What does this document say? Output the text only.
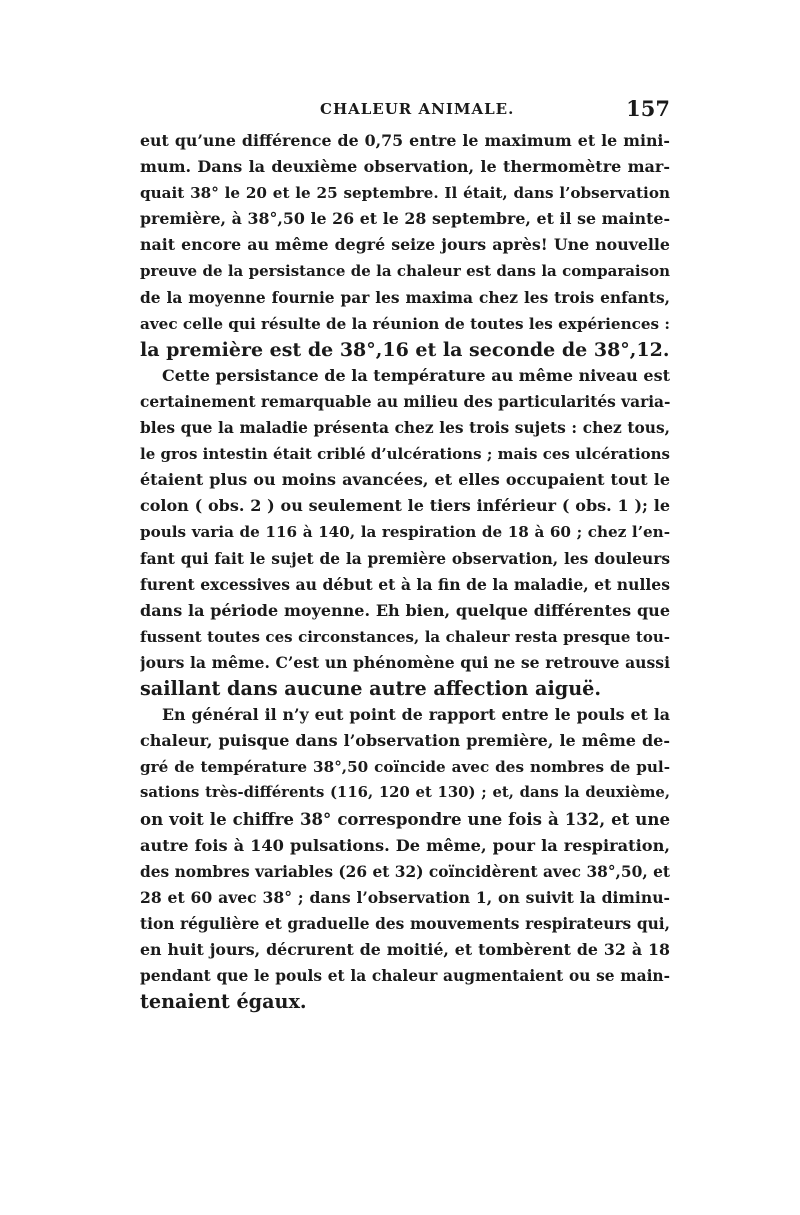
CHALEUR ANIMALE.	157
eut qu’une différence de 0,75 entre le maximum et le mini-
mum. Dans la deuxième observation, le thermomètre mar-
quait 38° le 20 et le 25 septembre. Il était, dans l’observation
première, à 38°,50 le 26 et le 28 septembre, et il se mainte-
nait encore au même degré seize jours après! Une nouvelle
preuve de la persistance de la chaleur est dans la comparaison
de la moyenne fournie par les maxima chez les trois enfants,
avec celle qui résulte de la réunion de toutes les expériences :
la première est de 38°,16 et la seconde de 38°,12.
Cette persistance de la température au même niveau est
certainement remarquable au milieu des particularités varia-
bles que la maladie présenta chez les trois sujets : chez tous,
le gros intestin était criblé d’ulcérations ; mais ces ulcérations
étaient plus ou moins avancées, et elles occupaient tout le
colon ( obs. 2 ) ou seulement le tiers inférieur ( obs. 1 ); le
pouls varia de 116 à 140, la respiration de 18 à 60 ; chez l’en-
fant qui fait le sujet de la première observation, les douleurs
furent excessives au début et à la fin de la maladie, et nulles
dans la période moyenne. Eh bien, quelque différentes que
fussent toutes ces circonstances, la chaleur resta presque tou-
jours la même. C’est un phénomène qui ne se retrouve aussi
saillant dans aucune autre affection aiguë.
En général il n’y eut point de rapport entre le pouls et la
chaleur, puisque dans l’observation première, le même de-
gré de température 38°,50 coïncide avec des nombres de pul-
sations très-différents (116, 120 et 130) ; et, dans la deuxième,
on voit le chiffre 38° correspondre une fois à 132, et une
autre fois à 140 pulsations. De même, pour la respiration,
des nombres variables (26 et 32) coïncidèrent avec 38°,50, et
28 et 60 avec 38° ; dans l’observation 1, on suivit la diminu-
tion régulière et graduelle des mouvements respirateurs qui,
en huit jours, décrurent de moitié, et tombèrent de 32 à 18
pendant que le pouls et la chaleur augmentaient ou se main-
tenaient égaux.
